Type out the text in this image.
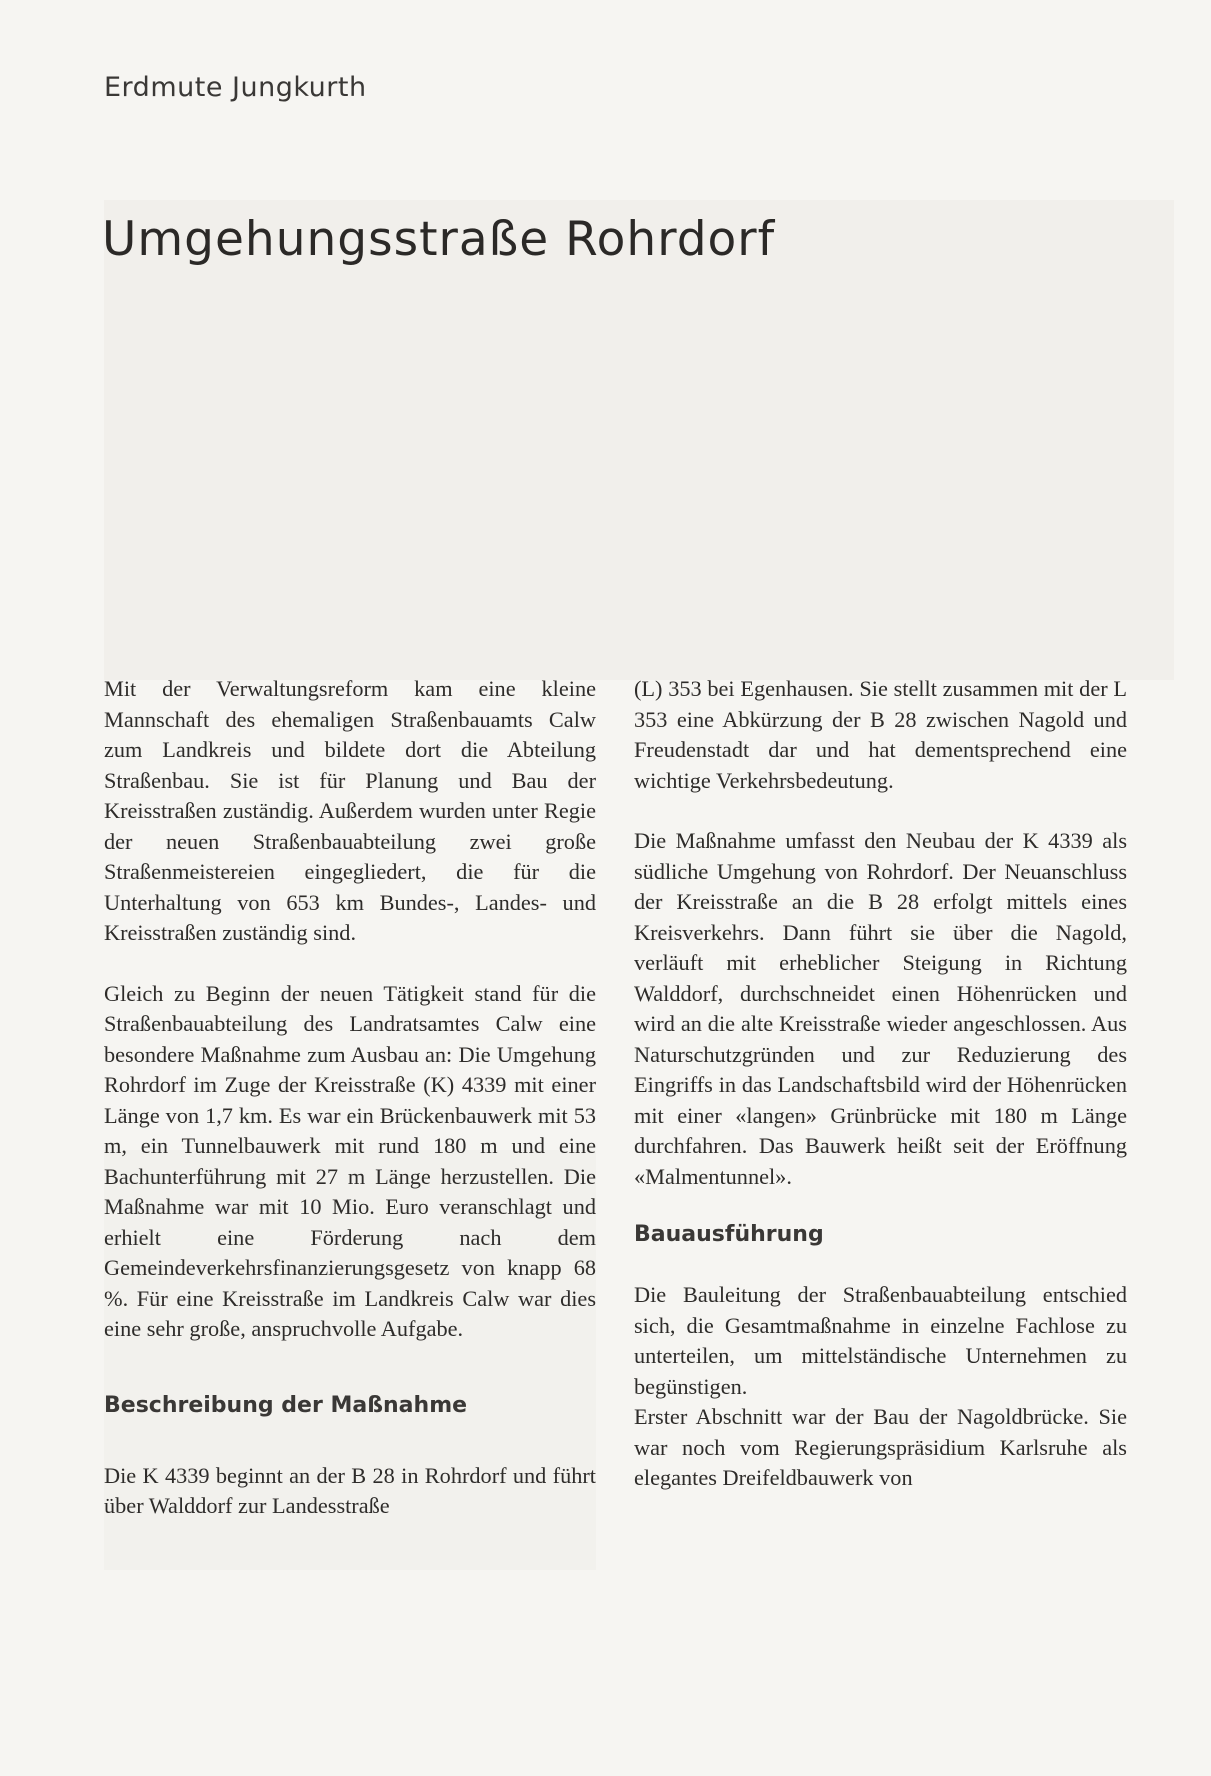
Erdmute Jungkurth
Umgehungsstraße Rohrdorf

Mit der Verwaltungsreform kam eine kleine Mannschaft des ehemaligen Straßenbauamts Calw zum Landkreis und bildete dort die Abteilung Straßenbau. Sie ist für Planung und Bau der Kreisstraßen zuständig. Außerdem wurden unter Regie der neuen Straßenbauabteilung zwei große Straßenmeistereien eingegliedert, die für die Unterhaltung von 653 km Bundes-, Landes- und Kreisstraßen zuständig sind.

Gleich zu Beginn der neuen Tätigkeit stand für die Straßenbauabteilung des Landratsamtes Calw eine besondere Maßnahme zum Ausbau an: Die Umgehung Rohrdorf im Zuge der Kreisstraße (K) 4339 mit einer Länge von 1,7 km. Es war ein Brückenbauwerk mit 53 m, ein Tunnelbauwerk mit rund 180 m und eine Bachunterführung mit 27 m Länge herzustellen. Die Maßnahme war mit 10 Mio. Euro veranschlagt und erhielt eine Förderung nach dem Gemeindeverkehrsfinanzierungsgesetz von knapp 68 %. Für eine Kreisstraße im Landkreis Calw war dies eine sehr große, anspruchvolle Aufgabe.

Beschreibung der Maßnahme

Die K 4339 beginnt an der B 28 in Rohrdorf und führt über Walddorf zur Landesstraße

(L) 353 bei Egenhausen. Sie stellt zusammen mit der L 353 eine Abkürzung der B 28 zwischen Nagold und Freudenstadt dar und hat dementsprechend eine wichtige Verkehrsbedeutung.

Die Maßnahme umfasst den Neubau der K 4339 als südliche Umgehung von Rohrdorf. Der Neuanschluss der Kreisstraße an die B 28 erfolgt mittels eines Kreisverkehrs. Dann führt sie über die Nagold, verläuft mit erheblicher Steigung in Richtung Walddorf, durchschneidet einen Höhenrücken und wird an die alte Kreisstraße wieder angeschlossen. Aus Naturschutzgründen und zur Reduzierung des Eingriffs in das Landschaftsbild wird der Höhenrücken mit einer «langen» Grünbrücke mit 180 m Länge durchfahren. Das Bauwerk heißt seit der Eröffnung «Malmentunnel».

Bauausführung

Die Bauleitung der Straßenbauabteilung entschied sich, die Gesamtmaßnahme in einzelne Fachlose zu unterteilen, um mittelständische Unternehmen zu begünstigen.

Erster Abschnitt war der Bau der Nagoldbrücke. Sie war noch vom Regierungspräsidium Karlsruhe als elegantes Dreifeldbauwerk von
